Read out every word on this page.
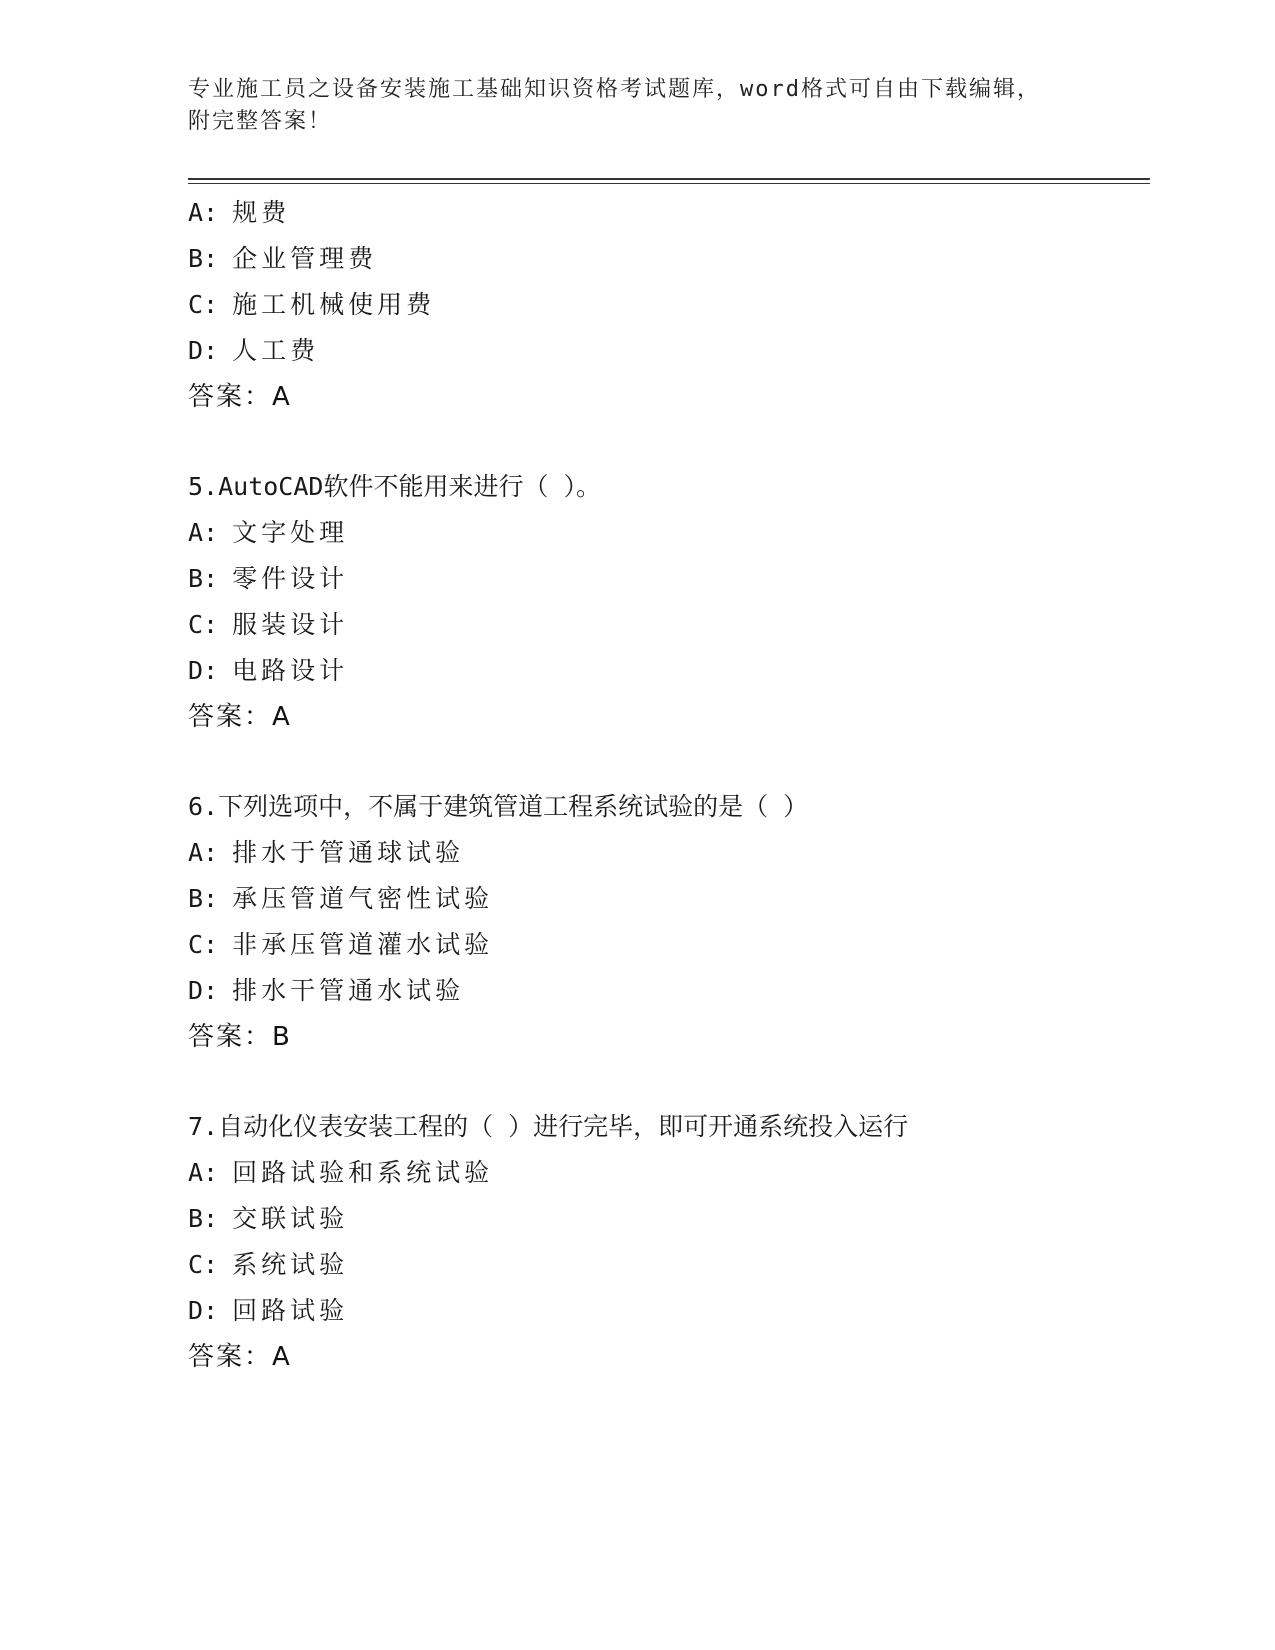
专业施工员之设备安装施工基础知识资格考试题库，word格式可自由下载编辑，
附完整答案！
A: 规费
B: 企业管理费
C: 施工机械使用费
D: 人工费
答案：A
5.AutoCAD软件不能用来进行（ ）。
A: 文字处理
B: 零件设计
C: 服装设计
D: 电路设计
答案：A
6.下列选项中，不属于建筑管道工程系统试验的是（ ）
A: 排水于管通球试验
B: 承压管道气密性试验
C: 非承压管道灌水试验
D: 排水干管通水试验
答案：B
7.自动化仪表安装工程的（ ）进行完毕，即可开通系统投入运行
A: 回路试验和系统试验
B: 交联试验
C: 系统试验
D: 回路试验
答案：A
